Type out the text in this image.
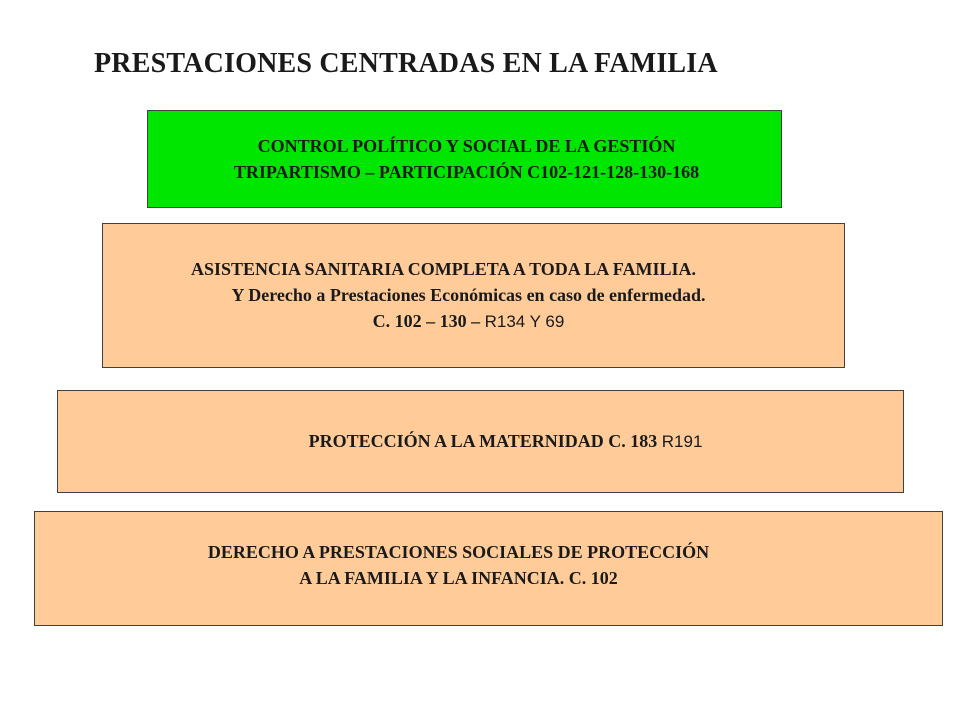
PRESTACIONES CENTRADAS EN LA FAMILIA
CONTROL POLÍTICO Y SOCIAL DE LA GESTIÓN
TRIPARTISMO – PARTICIPACIÓN C102-121-128-130-168
ASISTENCIA SANITARIA COMPLETA A TODA LA FAMILIA.
Y Derecho a Prestaciones Económicas en caso de enfermedad.
C. 102 – 130 – R134 Y 69
PROTECCIÓN A LA MATERNIDAD C. 183 R191
DERECHO A PRESTACIONES SOCIALES DE PROTECCIÓN
A LA FAMILIA Y LA INFANCIA. C. 102
